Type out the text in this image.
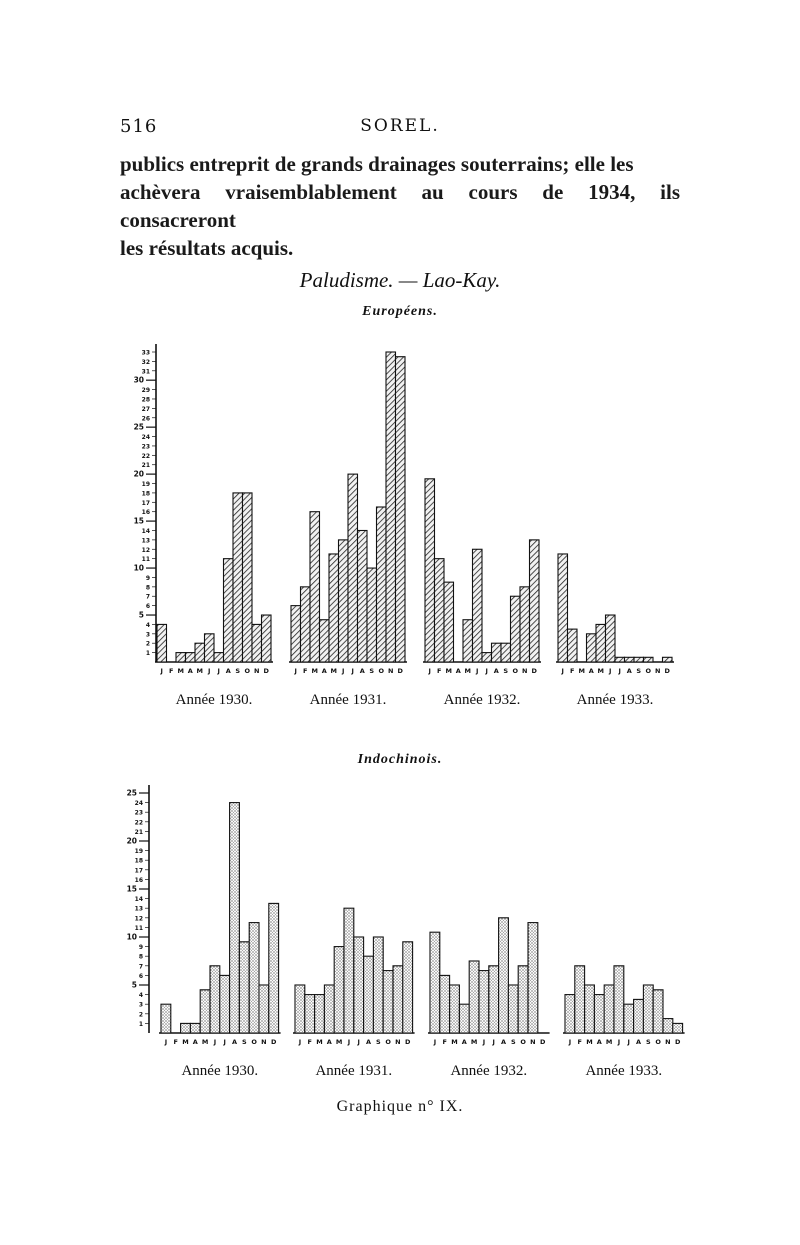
516	SOREL.
publics entreprit de grands drainages souterrains; elle les
achèvera vraisemblablement au cours de 1934, ils consacreront
les résultats acquis.
Paludisme. — Lao-Kay.
Européens.
1
2
3
4
5
6
7
8
9
10
11
12
13
14
15
16
17
18
19
20
21
22
23
24
25
26
27
28
29
30
31
32
33
J F M A M J J A S O N D
Année 1930.
J F M A M J J A S O N D
Année 1931.
J F M A M J J A S O N D
Année 1932.
J F M A M J J A S O N D
Année 1933.
Indochinois.
1
2
3
4
5
6
7
8
9
10
11
12
13
14
15
16
17
18
19
20
21
22
23
24
25
J F M A M J J A S O N D
Année 1930.
J F M A M J J A S O N D
Année 1931.
J F M A M J J A S O N D
Année 1932.
J F M A M J J A S O N D
Année 1933.
Graphique n° IX.
